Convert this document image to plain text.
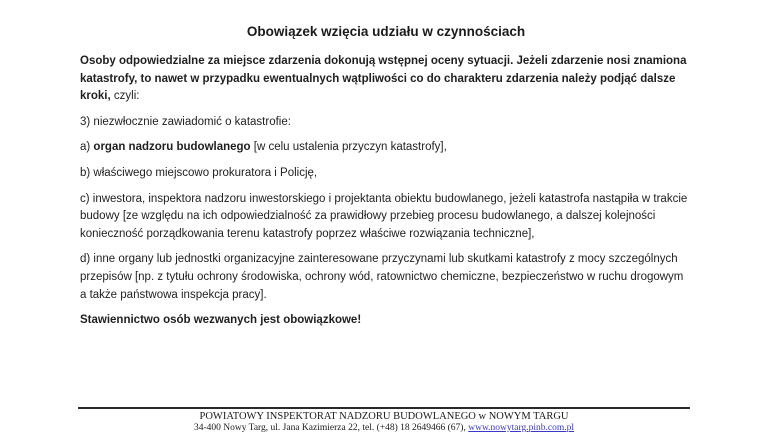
Obowiązek wzięcia udziału w czynnościach

Osoby odpowiedzialne za miejsce zdarzenia dokonują wstępnej oceny sytuacji. Jeżeli zdarzenie nosi znamiona katastrofy, to nawet w przypadku ewentualnych wątpliwości co do charakteru zdarzenia należy podjąć dalsze kroki, czyli:

3) niezwłocznie zawiadomić o katastrofie:

a) organ nadzoru budowlanego [w celu ustalenia przyczyn katastrofy],

b) właściwego miejscowo prokuratora i Policję,

c) inwestora, inspektora nadzoru inwestorskiego i projektanta obiektu budowlanego, jeżeli katastrofa nastąpiła w trakcie budowy [ze względu na ich odpowiedzialność za prawidłowy przebieg procesu budowlanego, a dalszej kolejności konieczność porządkowania terenu katastrofy poprzez właściwe rozwiązania techniczne],

d) inne organy lub jednostki organizacyjne zainteresowane przyczynami lub skutkami katastrofy z mocy szczególnych przepisów [np. z tytułu ochrony środowiska, ochrony wód, ratownictwo chemiczne, bezpieczeństwo w ruchu drogowym a także państwowa inspekcja pracy].

Stawiennictwo osób wezwanych jest obowiązkowe!

POWIATOWY INSPEKTORAT NADZORU BUDOWLANEGO w NOWYM TARGU
34-400 Nowy Targ, ul. Jana Kazimierza 22, tel. (+48) 18 2649466 (67), www.nowytarg.pinb.com.pl
